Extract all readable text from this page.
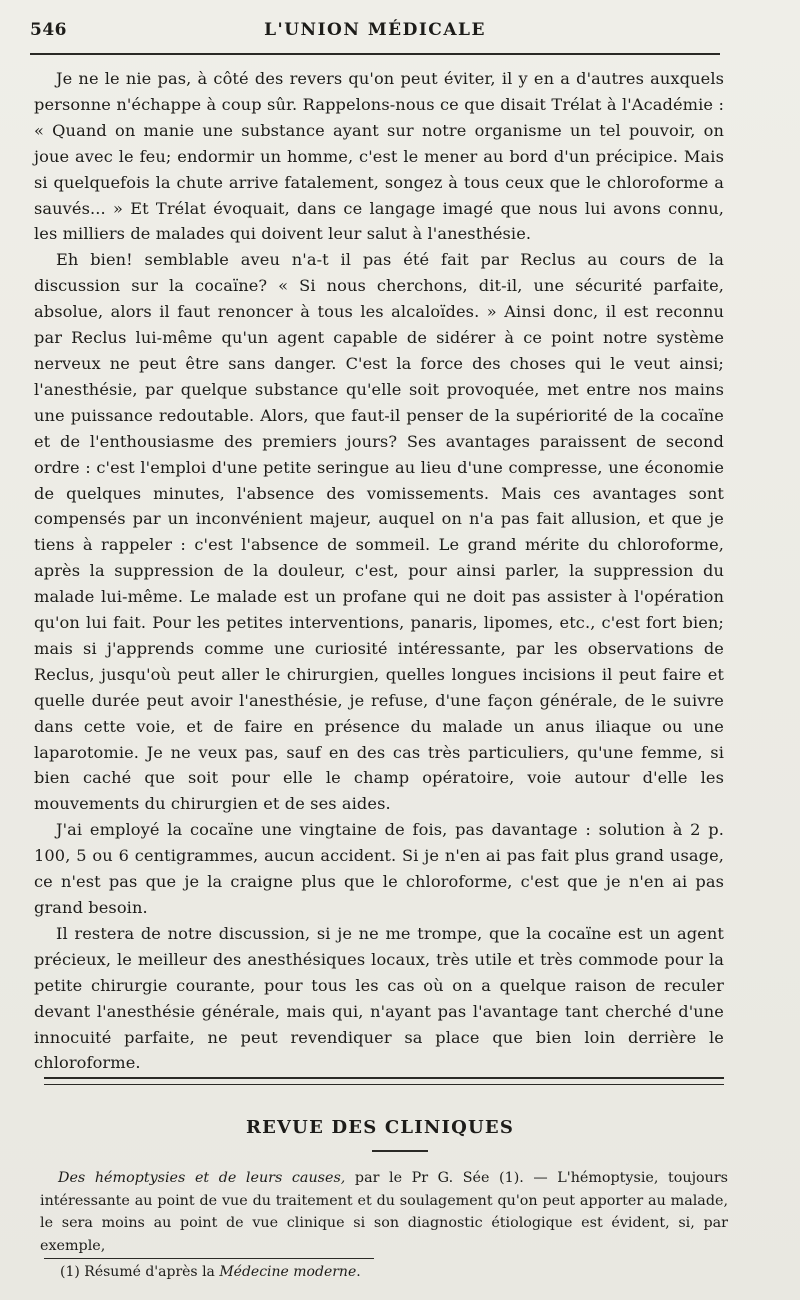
546	L'UNION MÉDICALE

Je ne le nie pas, à côté des revers qu'on peut éviter, il y en a d'autres auxquels personne n'échappe à coup sûr. Rappelons-nous ce que disait Trélat à l'Académie : « Quand on manie une substance ayant sur notre organisme un tel pouvoir, on joue avec le feu; endormir un homme, c'est le mener au bord d'un précipice. Mais si quelquefois la chute arrive fatalement, songez à tous ceux que le chloroforme a sauvés... » Et Trélat évoquait, dans ce langage imagé que nous lui avons connu, les milliers de malades qui doivent leur salut à l'anesthésie.

Eh bien! semblable aveu n'a-t il pas été fait par Reclus au cours de la discussion sur la cocaïne? « Si nous cherchons, dit-il, une sécurité parfaite, absolue, alors il faut renoncer à tous les alcaloïdes. » Ainsi donc, il est reconnu par Reclus lui-même qu'un agent capable de sidérer à ce point notre système nerveux ne peut être sans danger. C'est la force des choses qui le veut ainsi; l'anesthésie, par quelque substance qu'elle soit provoquée, met entre nos mains une puissance redoutable. Alors, que faut-il penser de la supériorité de la cocaïne et de l'enthousiasme des premiers jours? Ses avantages paraissent de second ordre : c'est l'emploi d'une petite seringue au lieu d'une compresse, une économie de quelques minutes, l'absence des vomissements. Mais ces avantages sont compensés par un inconvénient majeur, auquel on n'a pas fait allusion, et que je tiens à rappeler : c'est l'absence de sommeil. Le grand mérite du chloroforme, après la suppression de la douleur, c'est, pour ainsi parler, la suppression du malade lui-même. Le malade est un profane qui ne doit pas assister à l'opération qu'on lui fait. Pour les petites interventions, panaris, lipomes, etc., c'est fort bien; mais si j'apprends comme une curiosité intéressante, par les observations de Reclus, jusqu'où peut aller le chirurgien, quelles longues incisions il peut faire et quelle durée peut avoir l'anesthésie, je refuse, d'une façon générale, de le suivre dans cette voie, et de faire en présence du malade un anus iliaque ou une laparotomie. Je ne veux pas, sauf en des cas très particuliers, qu'une femme, si bien caché que soit pour elle le champ opératoire, voie autour d'elle les mouvements du chirurgien et de ses aides.

J'ai employé la cocaïne une vingtaine de fois, pas davantage : solution à 2 p. 100, 5 ou 6 centigrammes, aucun accident. Si je n'en ai pas fait plus grand usage, ce n'est pas que je la craigne plus que le chloroforme, c'est que je n'en ai pas grand besoin.

Il restera de notre discussion, si je ne me trompe, que la cocaïne est un agent précieux, le meilleur des anesthésiques locaux, très utile et très commode pour la petite chirurgie courante, pour tous les cas où on a quelque raison de reculer devant l'anesthésie générale, mais qui, n'ayant pas l'avantage tant cherché d'une innocuité parfaite, ne peut revendiquer sa place que bien loin derrière le chloroforme.

REVUE DES CLINIQUES

Des hémoptysies et de leurs causes, par le Pr G. Sée (1). — L'hémoptysie, toujours intéressante au point de vue du traitement et du soulagement qu'on peut apporter au malade, le sera moins au point de vue clinique si son diagnostic étiologique est évident, si, par exemple,

(1) Résumé d'après la Médecine moderne.
